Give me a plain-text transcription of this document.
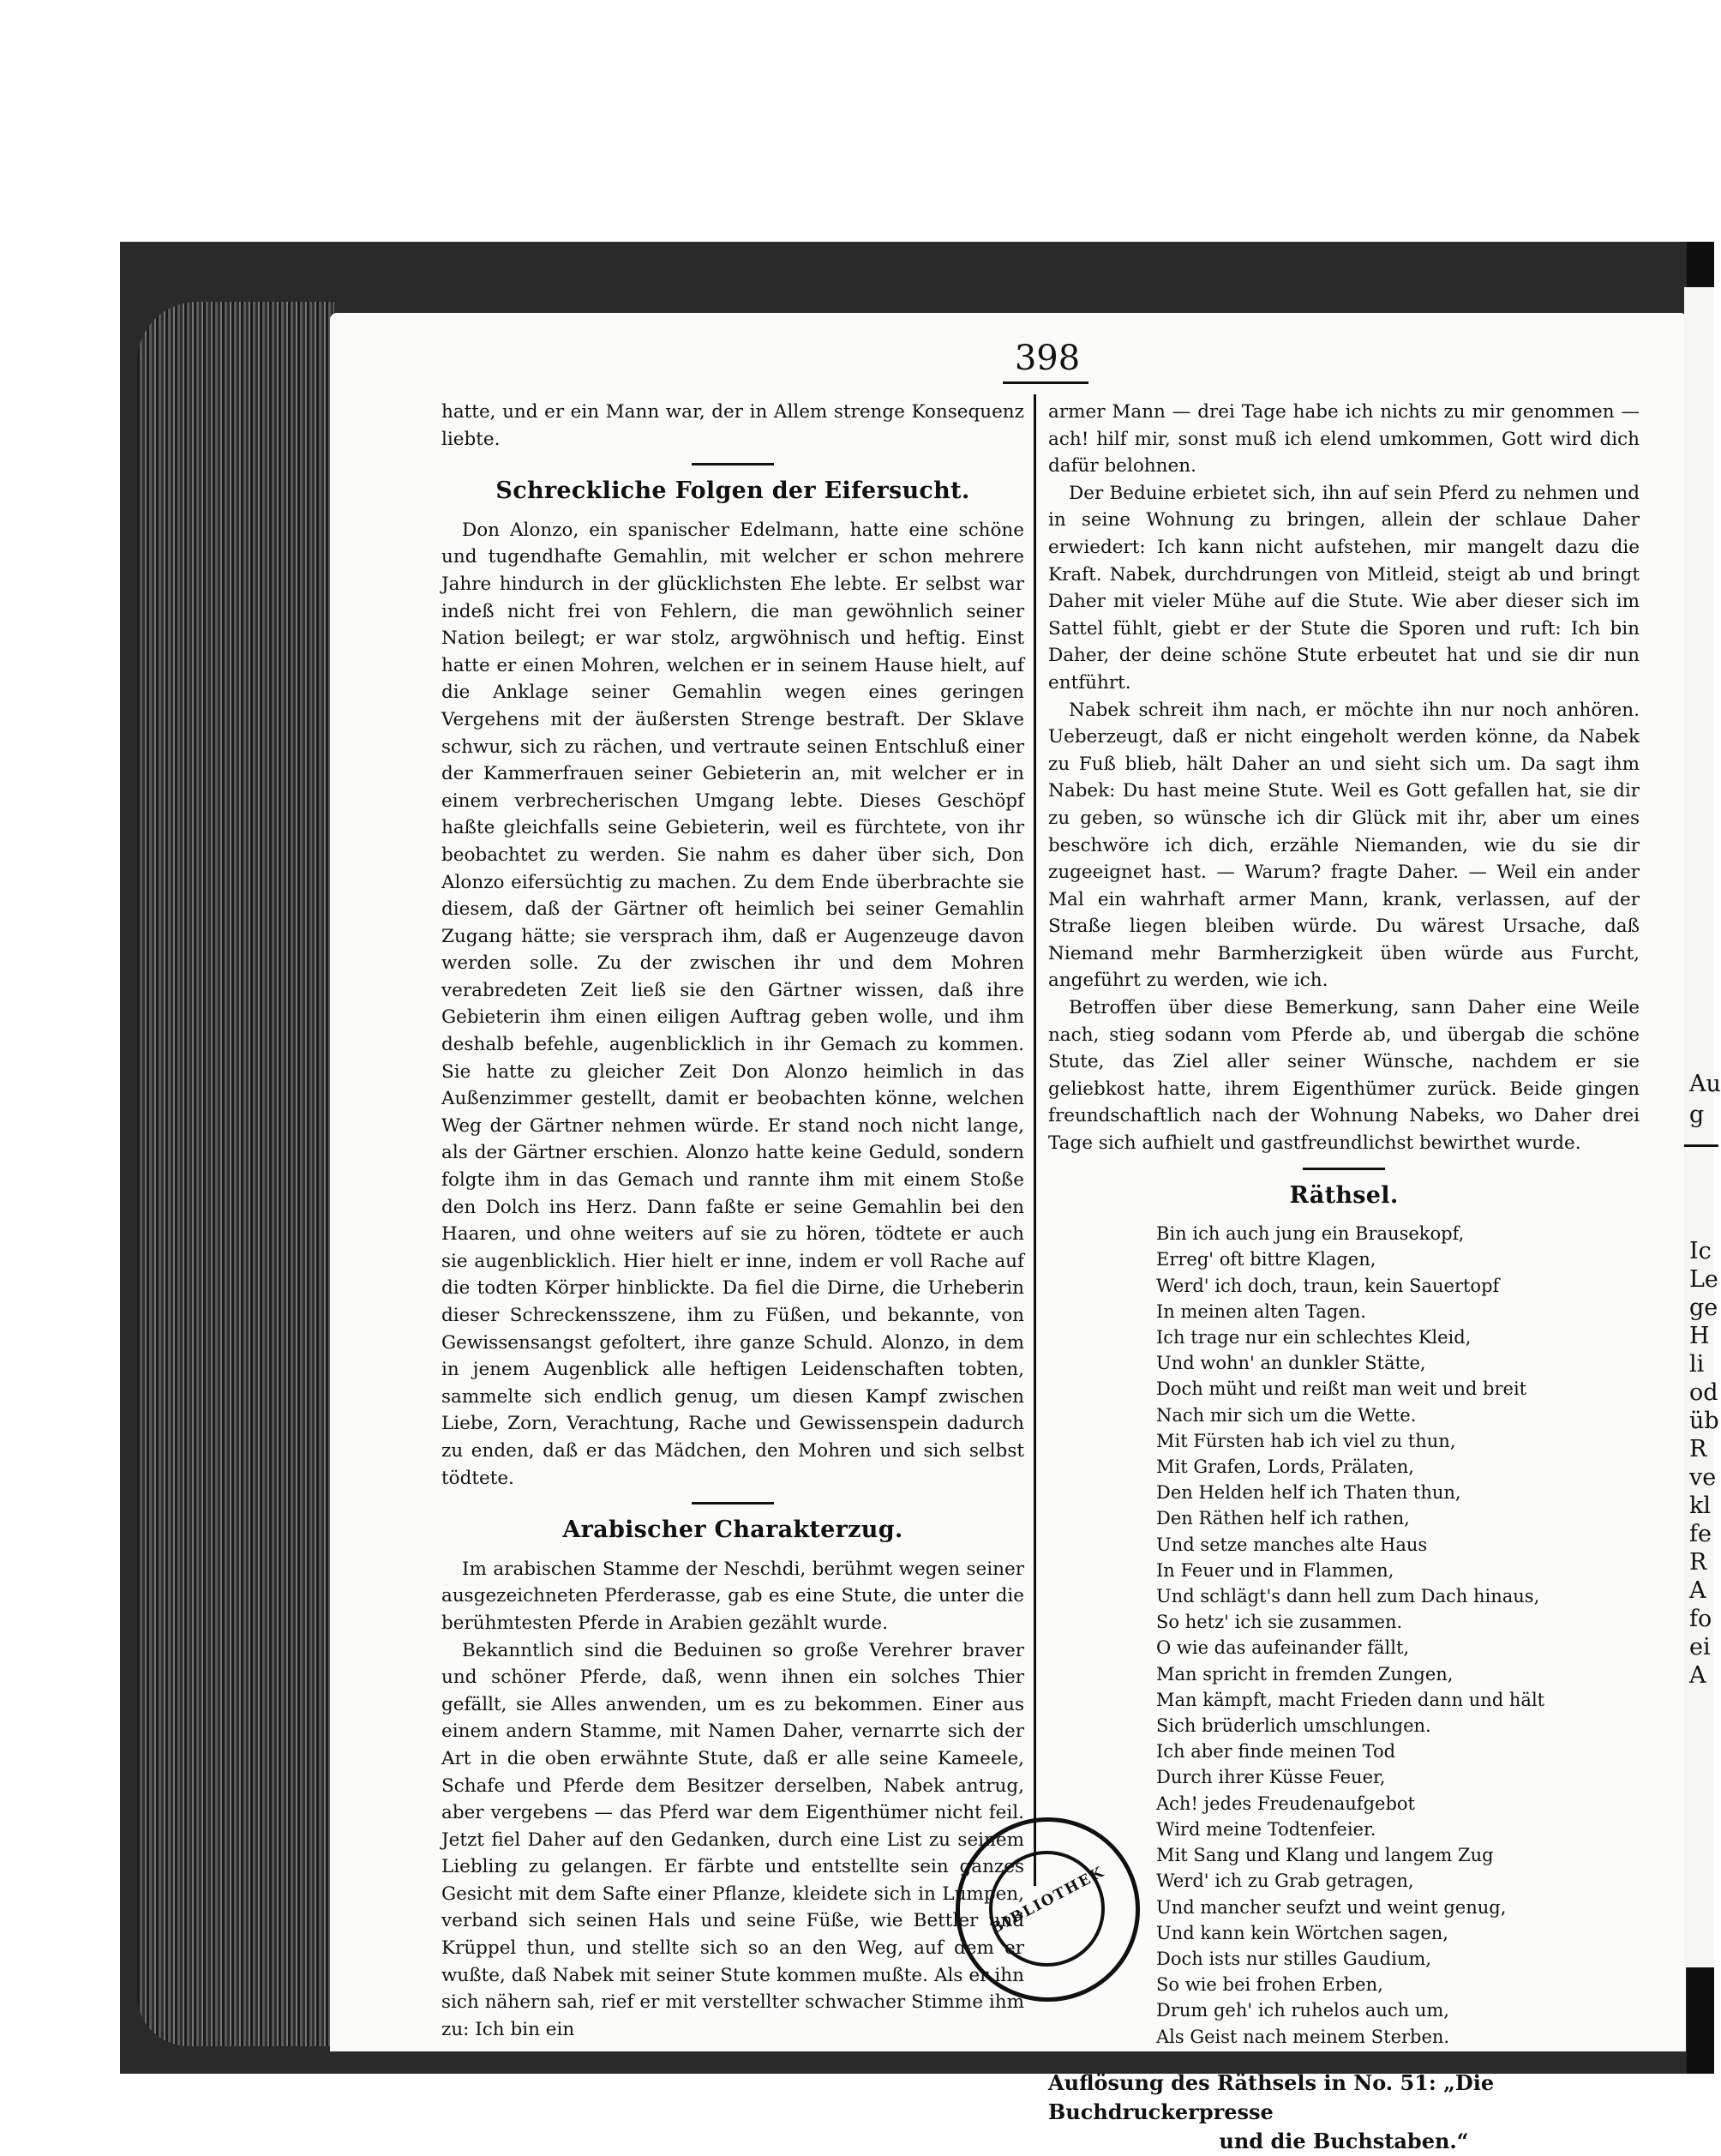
Au
g
Ic
Le
ge
H
li
od
üb
R
ve
kl
fe
R
A
fo
ei
A
398

hatte, und er ein Mann war, der in Allem strenge Konsequenz liebte.

Schreckliche Folgen der Eifersucht.

Don Alonzo, ein spanischer Edelmann, hatte eine schöne und tugendhafte Gemahlin, mit welcher er schon mehrere Jahre hindurch in der glücklichsten Ehe lebte. Er selbst war indeß nicht frei von Fehlern, die man gewöhnlich seiner Nation beilegt; er war stolz, argwöhnisch und heftig. Einst hatte er einen Mohren, welchen er in seinem Hause hielt, auf die Anklage seiner Gemahlin wegen eines geringen Vergehens mit der äußersten Strenge bestraft. Der Sklave schwur, sich zu rächen, und vertraute seinen Entschluß einer der Kammerfrauen seiner Gebieterin an, mit welcher er in einem verbrecherischen Umgang lebte. Dieses Geschöpf haßte gleichfalls seine Gebieterin, weil es fürchtete, von ihr beobachtet zu werden. Sie nahm es daher über sich, Don Alonzo eifersüchtig zu machen. Zu dem Ende überbrachte sie diesem, daß der Gärtner oft heimlich bei seiner Gemahlin Zugang hätte; sie versprach ihm, daß er Augenzeuge davon werden solle. Zu der zwischen ihr und dem Mohren verabredeten Zeit ließ sie den Gärtner wissen, daß ihre Gebieterin ihm einen eiligen Auftrag geben wolle, und ihm deshalb befehle, augenblicklich in ihr Gemach zu kommen. Sie hatte zu gleicher Zeit Don Alonzo heimlich in das Außenzimmer gestellt, damit er beobachten könne, welchen Weg der Gärtner nehmen würde. Er stand noch nicht lange, als der Gärtner erschien. Alonzo hatte keine Geduld, sondern folgte ihm in das Gemach und rannte ihm mit einem Stoße den Dolch ins Herz. Dann faßte er seine Gemahlin bei den Haaren, und ohne weiters auf sie zu hören, tödtete er auch sie augenblicklich. Hier hielt er inne, indem er voll Rache auf die todten Körper hinblickte. Da fiel die Dirne, die Urheberin dieser Schreckensszene, ihm zu Füßen, und bekannte, von Gewissensangst gefoltert, ihre ganze Schuld. Alonzo, in dem in jenem Augenblick alle heftigen Leidenschaften tobten, sammelte sich endlich genug, um diesen Kampf zwischen Liebe, Zorn, Verachtung, Rache und Gewissenspein dadurch zu enden, daß er das Mädchen, den Mohren und sich selbst tödtete.

Arabischer Charakterzug.

Im arabischen Stamme der Neschdi, berühmt wegen seiner ausgezeichneten Pferderasse, gab es eine Stute, die unter die berühmtesten Pferde in Arabien gezählt wurde.

Bekanntlich sind die Beduinen so große Verehrer braver und schöner Pferde, daß, wenn ihnen ein solches Thier gefällt, sie Alles anwenden, um es zu bekommen. Einer aus einem andern Stamme, mit Namen Daher, vernarrte sich der Art in die oben erwähnte Stute, daß er alle seine Kameele, Schafe und Pferde dem Besitzer derselben, Nabek antrug, aber vergebens — das Pferd war dem Eigenthümer nicht feil. Jetzt fiel Daher auf den Gedanken, durch eine List zu seinem Liebling zu gelangen. Er färbte und entstellte sein ganzes Gesicht mit dem Safte einer Pflanze, kleidete sich in Lumpen, verband sich seinen Hals und seine Füße, wie Bettler und Krüppel thun, und stellte sich so an den Weg, auf dem er wußte, daß Nabek mit seiner Stute kommen mußte. Als er ihn sich nähern sah, rief er mit verstellter schwacher Stimme ihm zu: Ich bin ein

armer Mann — drei Tage habe ich nichts zu mir genommen — ach! hilf mir, sonst muß ich elend umkommen, Gott wird dich dafür belohnen.

Der Beduine erbietet sich, ihn auf sein Pferd zu nehmen und in seine Wohnung zu bringen, allein der schlaue Daher erwiedert: Ich kann nicht aufstehen, mir mangelt dazu die Kraft. Nabek, durchdrungen von Mitleid, steigt ab und bringt Daher mit vieler Mühe auf die Stute. Wie aber dieser sich im Sattel fühlt, giebt er der Stute die Sporen und ruft: Ich bin Daher, der deine schöne Stute erbeutet hat und sie dir nun entführt.

Nabek schreit ihm nach, er möchte ihn nur noch anhören. Ueberzeugt, daß er nicht eingeholt werden könne, da Nabek zu Fuß blieb, hält Daher an und sieht sich um. Da sagt ihm Nabek: Du hast meine Stute. Weil es Gott gefallen hat, sie dir zu geben, so wünsche ich dir Glück mit ihr, aber um eines beschwöre ich dich, erzähle Niemanden, wie du sie dir zugeeignet hast. — Warum? fragte Daher. — Weil ein ander Mal ein wahrhaft armer Mann, krank, verlassen, auf der Straße liegen bleiben würde. Du wärest Ursache, daß Niemand mehr Barmherzigkeit üben würde aus Furcht, angeführt zu werden, wie ich.

Betroffen über diese Bemerkung, sann Daher eine Weile nach, stieg sodann vom Pferde ab, und übergab die schöne Stute, das Ziel aller seiner Wünsche, nachdem er sie geliebkost hatte, ihrem Eigenthümer zurück. Beide gingen freundschaftlich nach der Wohnung Nabeks, wo Daher drei Tage sich aufhielt und gastfreundlichst bewirthet wurde.

Räthsel.
Bin ich auch jung ein Brausekopf,
Erreg' oft bittre Klagen,
Werd' ich doch, traun, kein Sauertopf
In meinen alten Tagen.
Ich trage nur ein schlechtes Kleid,
Und wohn' an dunkler Stätte,
Doch müht und reißt man weit und breit
Nach mir sich um die Wette.
Mit Fürsten hab ich viel zu thun,
Mit Grafen, Lords, Prälaten,
Den Helden helf ich Thaten thun,
Den Räthen helf ich rathen,
Und setze manches alte Haus
In Feuer und in Flammen,
Und schlägt's dann hell zum Dach hinaus,
So hetz' ich sie zusammen.
O wie das aufeinander fällt,
Man spricht in fremden Zungen,
Man kämpft, macht Frieden dann und hält
Sich brüderlich umschlungen.
Ich aber finde meinen Tod
Durch ihrer Küsse Feuer,
Ach! jedes Freudenaufgebot
Wird meine Todtenfeier.
Mit Sang und Klang und langem Zug
Werd' ich zu Grab getragen,
Und mancher seufzt und weint genug,
Und kann kein Wörtchen sagen,
Doch ists nur stilles Gaudium,
So wie bei frohen Erben,
Drum geh' ich ruhelos auch um,
Als Geist nach meinem Sterben.
Auflösung des Räthsels in No. 51: „Die Buchdruckerpresse
und die Buchstaben.“
BIBLIOTHEK
